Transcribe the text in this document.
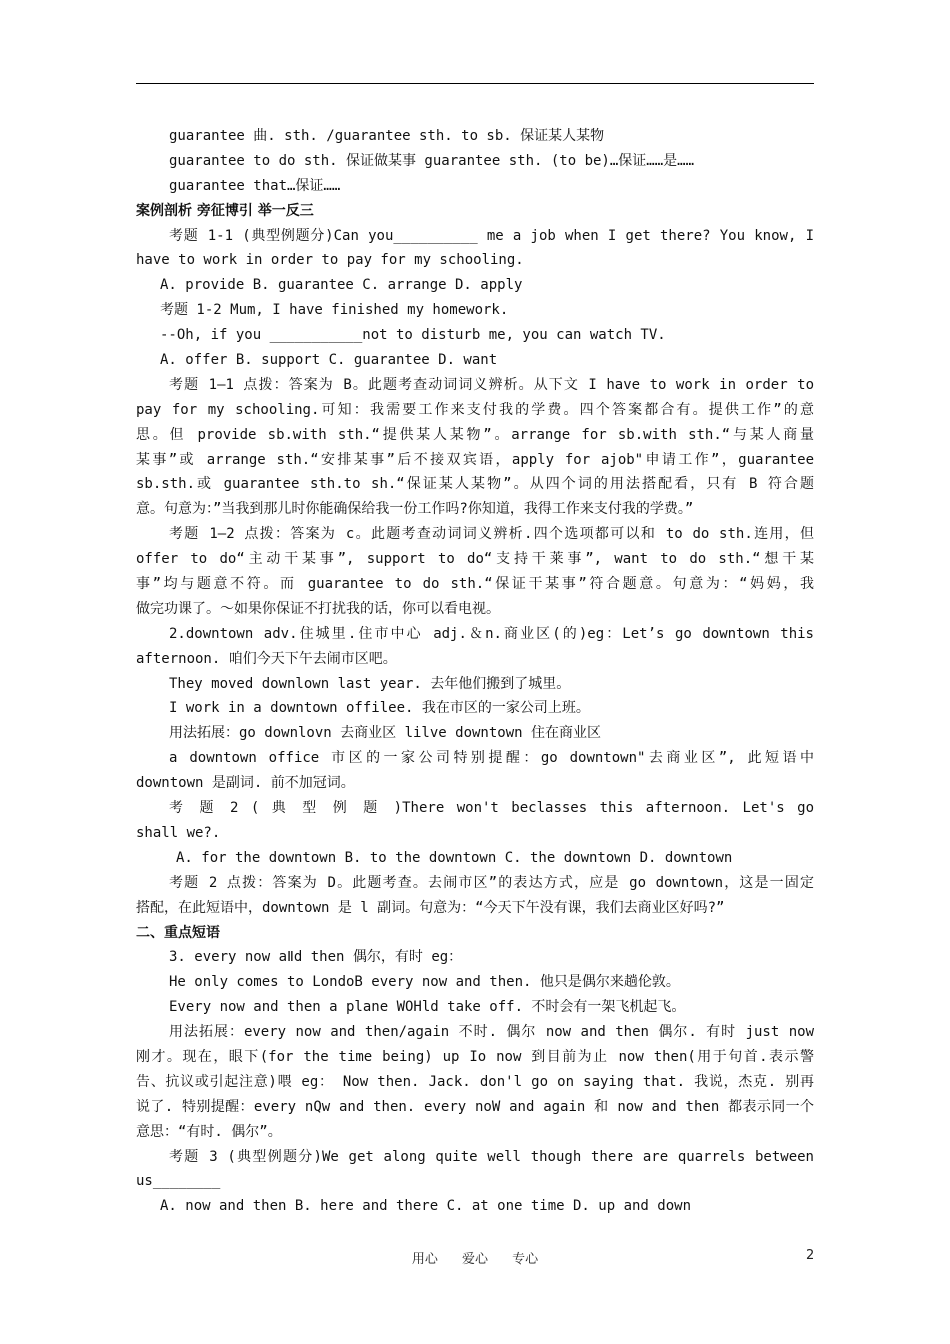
guarantee 曲. sth. /guarantee sth. to sb. 保证某人某物
guarantee to do sth. 保证做某事 guarantee sth. (to be)…保证……是……
guarantee that…保证……
案例剖析 旁征博引 举一反三
考题 1-1 (典型例题分)Can you__________ me a job when I get there? You know, I
have to work in order to pay for my schooling.
A. provide B. guarantee C. arrange D. apply
考题 1-2 Mum, I have finished my homework.
--Oh, if you ___________not to disturb me, you can watch TV.
A. offer B. support C. guarantee D. want
考题 1—1 点拨：答案为 B。此题考查动词词义辨析。从下文 I have to work in order to
pay for my schooling.可知：我需要工作来支付我的学费。四个答案都合有。提供工作”的意
思。但 provide sb.with sth.“提供某人某物”。arrange for sb.with sth.“与某人商量
某事”或 arrange sth.“安排某事”后不接双宾语，apply for ajob"申请工作”，guarantee
sb.sth.或 guarantee sth.to sh.“保证某人某物”。从四个词的用法搭配看，只有 B 符合题
意。句意为：”当我到那儿时你能确保给我一份工作吗?你知道，我得工作来支付我的学费。”
考题 1—2 点拨：答案为 c。此题考查动词词义辨析.四个选项都可以和 to do sth.连用，但
offer to do“主动干某事”, support to do“支持干莱事”, want to do sth.“想干某
事”均与题意不符。而 guarantee to do sth.“保证干某事”符合题意。句意为：“妈妈，我
做完功课了。～如果你保证不打扰我的话，你可以看电视。
2.downtown adv.住城里.住市中心 adj.＆n.商业区(的)eg：Let’s go downtown this
afternoon. 咱们今天下午去闹市区吧。
They moved downlown last year. 去年他们搬到了城里。
I work in a downtown offilee. 我在市区的一家公司上班。
用法拓展：go downlovn 去商业区 lilve downtown 住在商业区
a downtown office 市区的一家公司特别提醒：go downtown"去商业区”, 此短语中
downtown 是副词. 前不加冠词。
考 题 2 ( 典 型 例 题 )There won't beclasses this afternoon. Let's go
shall we?.
A. for the downtown B. to the downtown C. the downtown D. downtown
考题 2 点拨：答案为 D。此题考查。去闹市区”的表达方式，应是 go downtown，这是一固定
搭配，在此短语中，downtown 是 l 副词。句意为：“今天下午没有课，我们去商业区好吗?”
二、重点短语
3. every now aⅡd then 偶尔，有时 eg：
He only comes to LondoB every now and then. 他只是偶尔来趟伦敦。
Every now and then a plane WOHld take off. 不时会有一架飞机起飞。
用法拓展：every now and then/again 不时. 偶尔 now and then 偶尔. 有时 just now
刚才。现在，眼下(for the time being) up Io now 到目前为止 now then(用于句首.表示警
告、抗议或引起注意)喂 eg： Now then. Jack. don'l go on saying that. 我说，杰克. 别再
说了. 特别提醒：every nQw and then. every noW and again 和 now and then 都表示同一个
意思：“有时. 偶尔”。
考题 3 (典型例题分)We get along quite well though there are quarrels between
us________
A. now and then B. here and there C. at one time D. up and down
用心 爱心 专心	2
